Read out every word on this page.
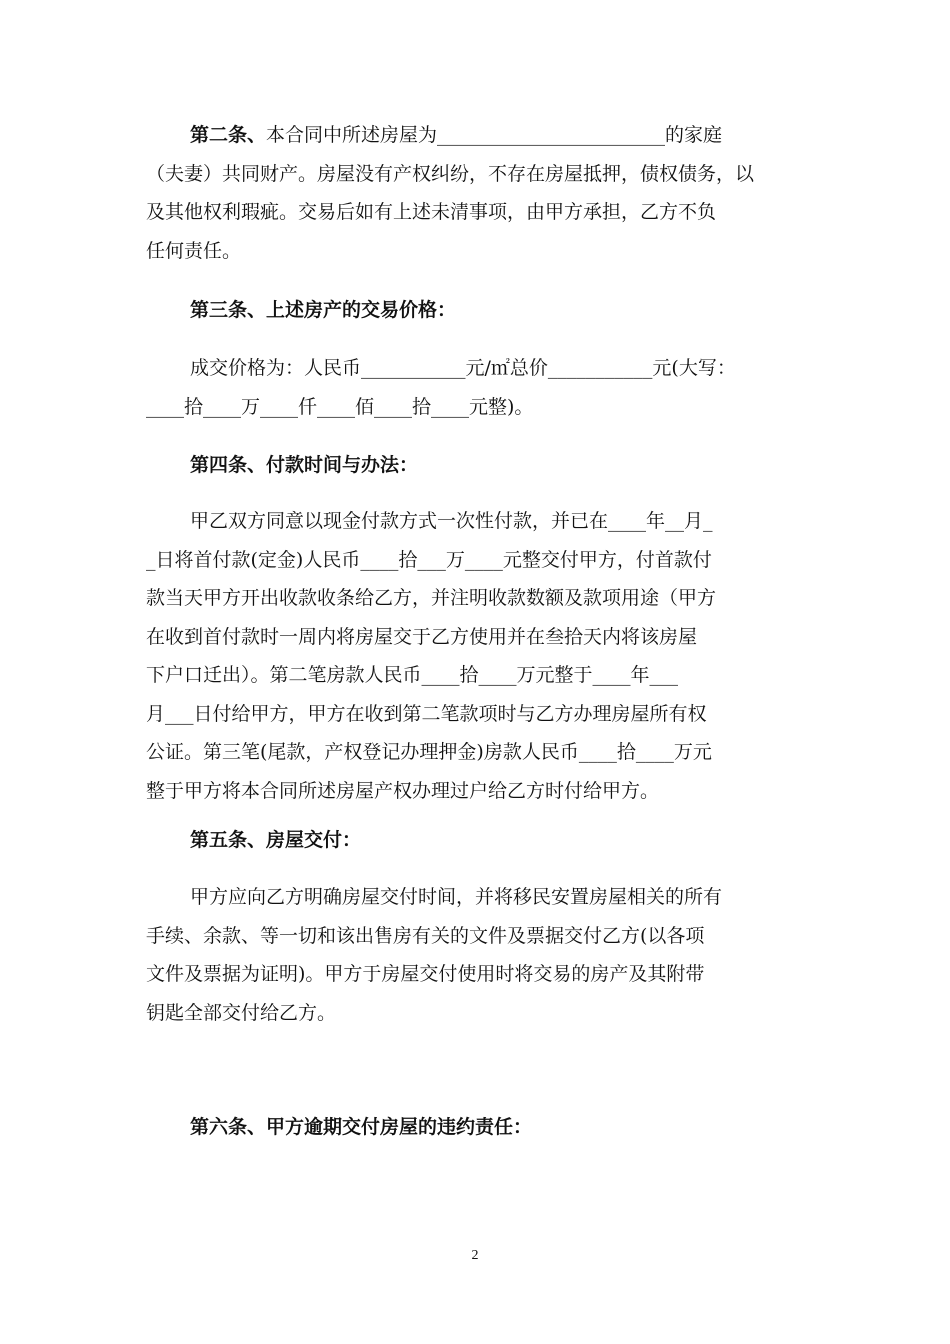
第二条、本合同中所述房屋为________________________的家庭
（夫妻）共同财产。房屋没有产权纠纷，不存在房屋抵押，债权债务，以
及其他权利瑕疵。交易后如有上述未清事项，由甲方承担，乙方不负
任何责任。
第三条、上述房产的交易价格：
成交价格为：人民币___________元/㎡总价___________元(大写：
____拾____万____仟____佰____拾____元整)。
第四条、付款时间与办法：
甲乙双方同意以现金付款方式一次性付款，并已在____年__月_
_日将首付款(定金)人民币____拾___万____元整交付甲方，付首款付
款当天甲方开出收款收条给乙方，并注明收款数额及款项用途（甲方
在收到首付款时一周内将房屋交于乙方使用并在叁拾天内将该房屋
下户口迁出）。第二笔房款人民币____拾____万元整于____年___
月___日付给甲方，甲方在收到第二笔款项时与乙方办理房屋所有权
公证。第三笔(尾款，产权登记办理押金)房款人民币____拾____万元
整于甲方将本合同所述房屋产权办理过户给乙方时付给甲方。
第五条、房屋交付：
甲方应向乙方明确房屋交付时间，并将移民安置房屋相关的所有
手续、余款、等一切和该出售房有关的文件及票据交付乙方(以各项
文件及票据为证明)。甲方于房屋交付使用时将交易的房产及其附带
钥匙全部交付给乙方。
第六条、甲方逾期交付房屋的违约责任：
2
